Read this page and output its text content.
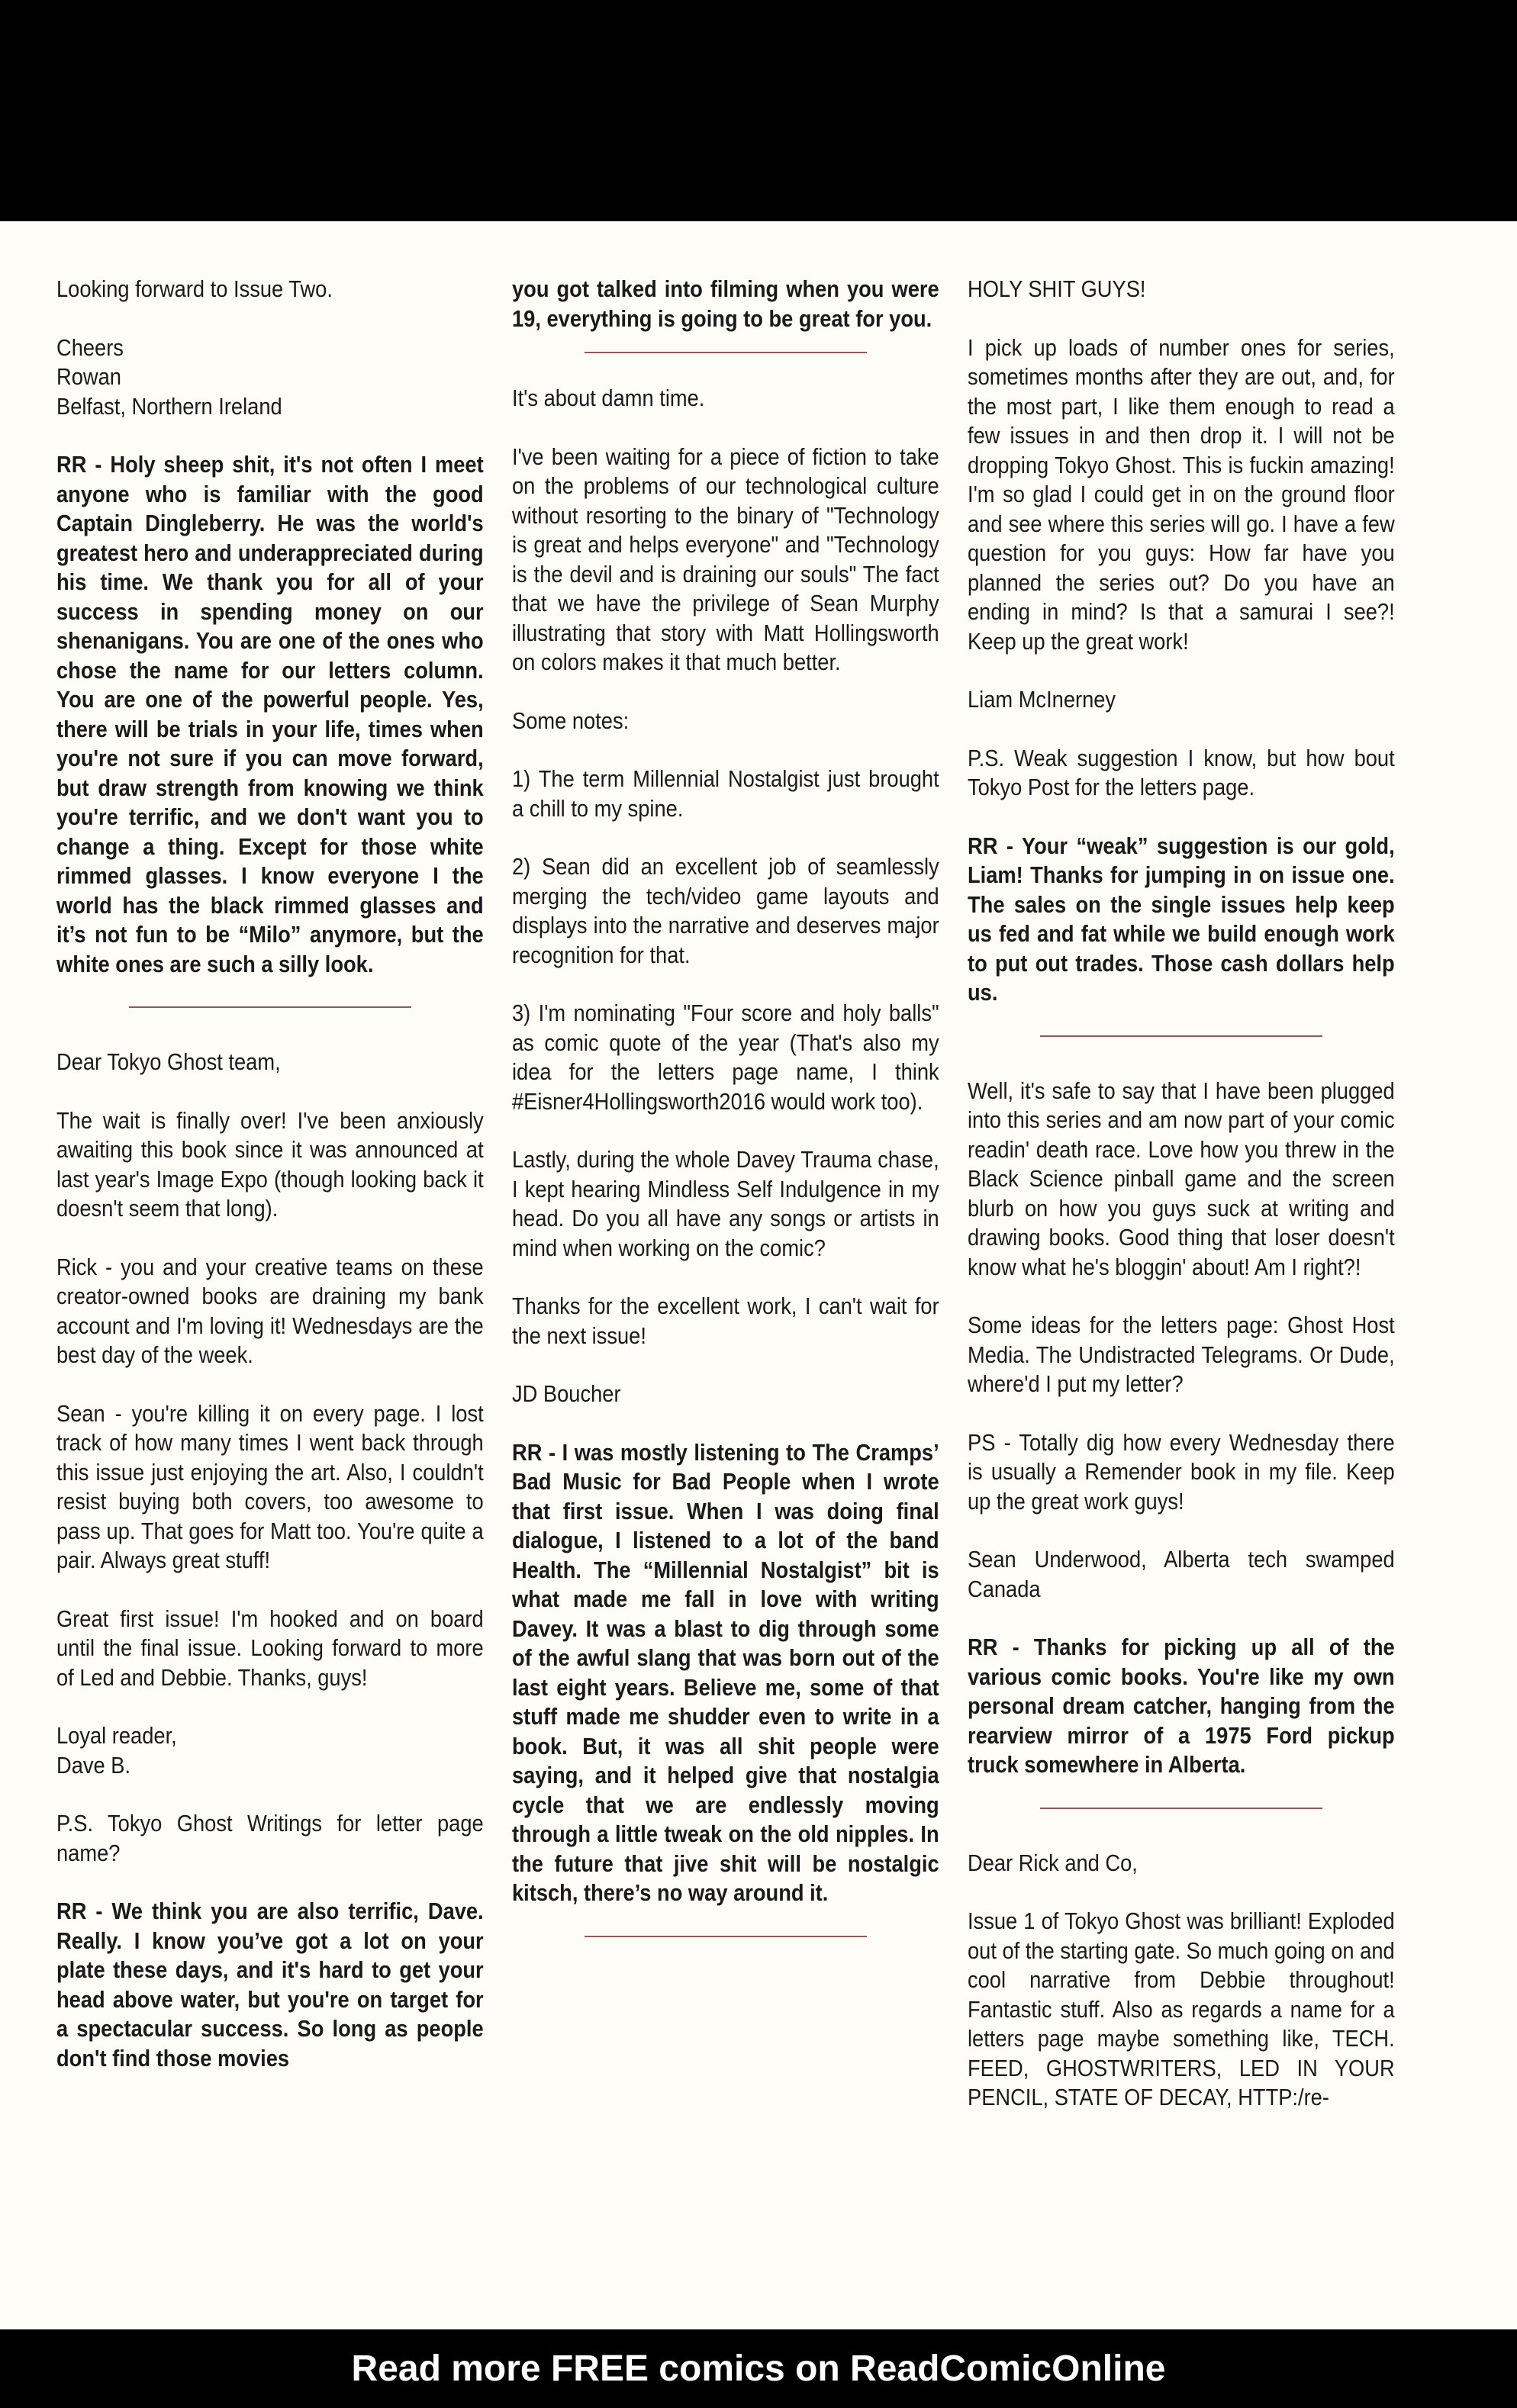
Looking forward to Issue Two.

Cheers
Rowan
Belfast, Northern Ireland

RR - Holy sheep shit, it's not often I meet anyone who is familiar with the good Captain Dingleberry. He was the world's greatest hero and underappreciated during his time. We thank you for all of your success in spending money on our shenanigans. You are one of the ones who chose the name for our letters column. You are one of the powerful people. Yes, there will be trials in your life, times when you're not sure if you can move forward, but draw strength from knowing we think you're terrific, and we don't want you to change a thing. Except for those white rimmed glasses. I know everyone I the world has the black rimmed glasses and it’s not fun to be “Milo” anymore, but the white ones are such a silly look.

Dear Tokyo Ghost team,

The wait is finally over! I've been anxiously awaiting this book since it was announced at last year's Image Expo (though looking back it doesn't seem that long).

Rick - you and your creative teams on these creator-owned books are draining my bank account and I'm loving it! Wednesdays are the best day of the week.

Sean - you're killing it on every page. I lost track of how many times I went back through this issue just enjoying the art. Also, I couldn't resist buying both covers, too awesome to pass up. That goes for Matt too. You're quite a pair. Always great stuff!

Great first issue! I'm hooked and on board until the final issue. Looking forward to more of Led and Debbie. Thanks, guys!

Loyal reader,
Dave B.

P.S. Tokyo Ghost Writings for letter page name?

RR - We think you are also terrific, Dave. Really. I know you’ve got a lot on your plate these days, and it's hard to get your head above water, but you're on target for a spectacular success. So long as people don't find those movies

you got talked into filming when you were 19, everything is going to be great for you.

It's about damn time.

I've been waiting for a piece of fiction to take on the problems of our technological culture without resorting to the binary of "Technology is great and helps everyone" and "Technology is the devil and is draining our souls" The fact that we have the privilege of Sean Murphy illustrating that story with Matt Hollingsworth on colors makes it that much better.

Some notes:

1) The term Millennial Nostalgist just brought a chill to my spine.

2) Sean did an excellent job of seamlessly merging the tech/video game layouts and displays into the narrative and deserves major recognition for that.

3) I'm nominating "Four score and holy balls" as comic quote of the year (That's also my idea for the letters page name, I think #Eisner4Hollingsworth2016 would work too).

Lastly, during the whole Davey Trauma chase, I kept hearing Mindless Self Indulgence in my head. Do you all have any songs or artists in mind when working on the comic?

Thanks for the excellent work, I can't wait for the next issue!

JD Boucher

RR - I was mostly listening to The Cramps’ Bad Music for Bad People when I wrote that first issue. When I was doing final dialogue, I listened to a lot of the band Health. The “Millennial Nostalgist” bit is what made me fall in love with writing Davey. It was a blast to dig through some of the awful slang that was born out of the last eight years. Believe me, some of that stuff made me shudder even to write in a book. But, it was all shit people were saying, and it helped give that nostalgia cycle that we are endlessly moving through a little tweak on the old nipples. In the future that jive shit will be nostalgic kitsch, there’s no way around it.

HOLY SHIT GUYS!

I pick up loads of number ones for series, sometimes months after they are out, and, for the most part, I like them enough to read a few issues in and then drop it. I will not be dropping Tokyo Ghost. This is fuckin amazing! I'm so glad I could get in on the ground floor and see where this series will go. I have a few question for you guys: How far have you planned the series out? Do you have an ending in mind? Is that a samurai I see?! Keep up the great work!

Liam McInerney

P.S. Weak suggestion I know, but how bout Tokyo Post for the letters page.

RR - Your “weak” suggestion is our gold, Liam! Thanks for jumping in on issue one. The sales on the single issues help keep us fed and fat while we build enough work to put out trades. Those cash dollars help us.

Well, it's safe to say that I have been plugged into this series and am now part of your comic readin' death race. Love how you threw in the Black Science pinball game and the screen blurb on how you guys suck at writing and drawing books. Good thing that loser doesn't know what he's bloggin' about! Am I right?!

Some ideas for the letters page: Ghost Host Media. The Undistracted Telegrams. Or Dude, where'd I put my letter?

PS - Totally dig how every Wednesday there is usually a Remender book in my file. Keep up the great work guys!

Sean Underwood, Alberta tech swamped Canada

RR - Thanks for picking up all of the various comic books. You're like my own personal dream catcher, hanging from the rearview mirror of a 1975 Ford pickup truck somewhere in Alberta.

Dear Rick and Co,

Issue 1 of Tokyo Ghost was brilliant! Exploded out of the starting gate. So much going on and cool narrative from Debbie throughout! Fantastic stuff. Also as regards a name for a letters page maybe something like, TECH. FEED, GHOSTWRITERS, LED IN YOUR PENCIL, STATE OF DECAY, HTTP:/re-

Read more FREE comics on ReadComicOnline
